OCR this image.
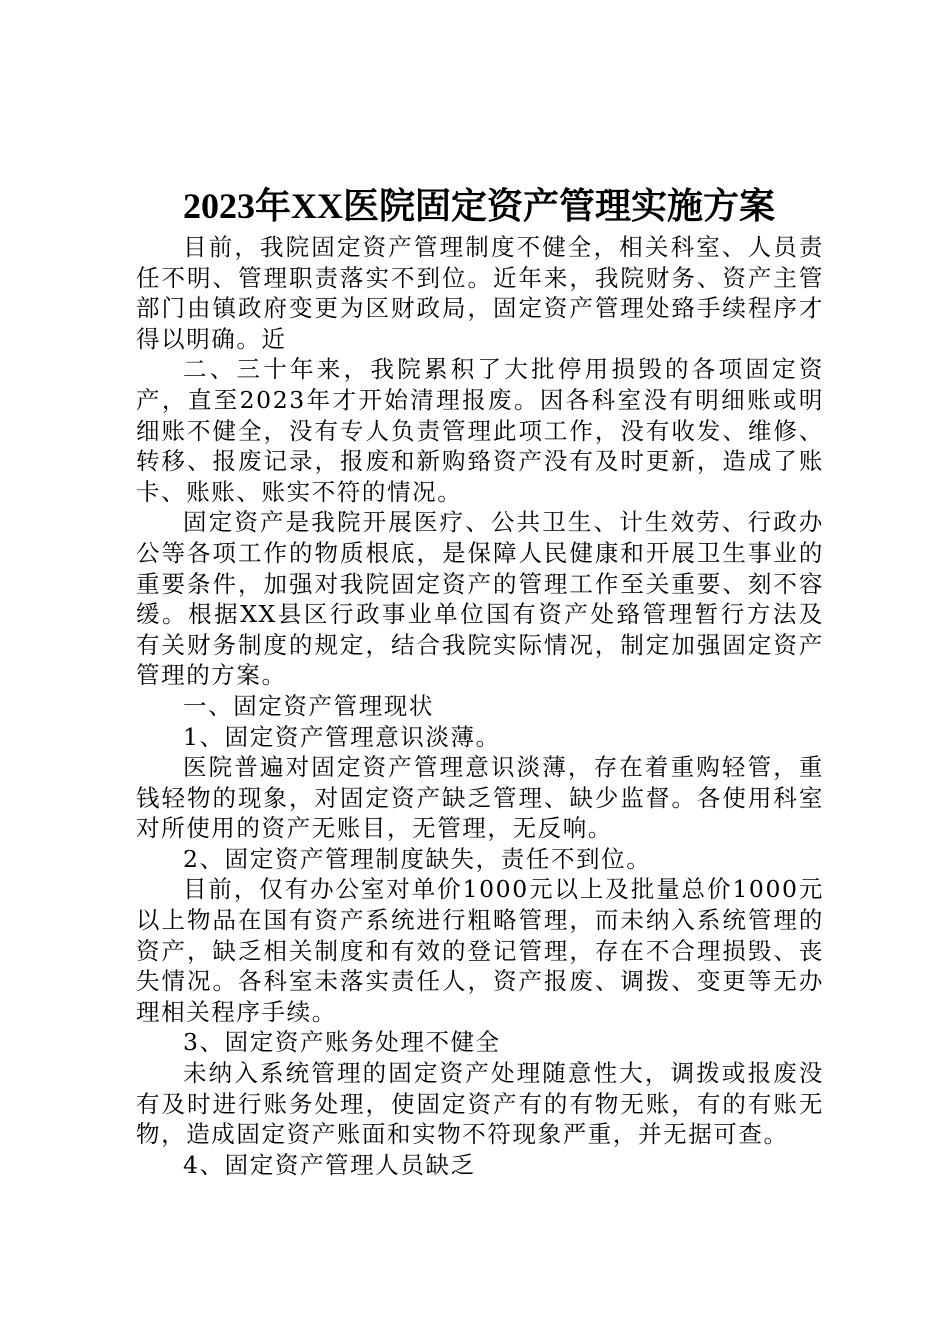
2023年XX医院固定资产管理实施方案

目前，我院固定资产管理制度不健全，相关科室、人员责任不明、管理职责落实不到位。近年来，我院财务、资产主管部门由镇政府变更为区财政局，固定资产管理处臵手续程序才得以明确。近

二、三十年来，我院累积了大批停用损毁的各项固定资产，直至2023年才开始清理报废。因各科室没有明细账或明细账不健全，没有专人负责管理此项工作，没有收发、维修、转移、报废记录，报废和新购臵资产没有及时更新，造成了账卡、账账、账实不符的情况。

固定资产是我院开展医疗、公共卫生、计生效劳、行政办公等各项工作的物质根底，是保障人民健康和开展卫生事业的重要条件，加强对我院固定资产的管理工作至关重要、刻不容缓。根据XX县区行政事业单位国有资产处臵管理暂行方法及有关财务制度的规定，结合我院实际情况，制定加强固定资产管理的方案。

一、固定资产管理现状

1、固定资产管理意识淡薄。

医院普遍对固定资产管理意识淡薄，存在着重购轻管，重钱轻物的现象，对固定资产缺乏管理、缺少监督。各使用科室对所使用的资产无账目，无管理，无反响。

2、固定资产管理制度缺失，责任不到位。

目前，仅有办公室对单价1000元以上及批量总价1000元以上物品在国有资产系统进行粗略管理，而未纳入系统管理的资产，缺乏相关制度和有效的登记管理，存在不合理损毁、丧失情况。各科室未落实责任人，资产报废、调拨、变更等无办理相关程序手续。

3、固定资产账务处理不健全

未纳入系统管理的固定资产处理随意性大，调拨或报废没有及时进行账务处理，使固定资产有的有物无账，有的有账无物，造成固定资产账面和实物不符现象严重，并无据可查。

4、固定资产管理人员缺乏
